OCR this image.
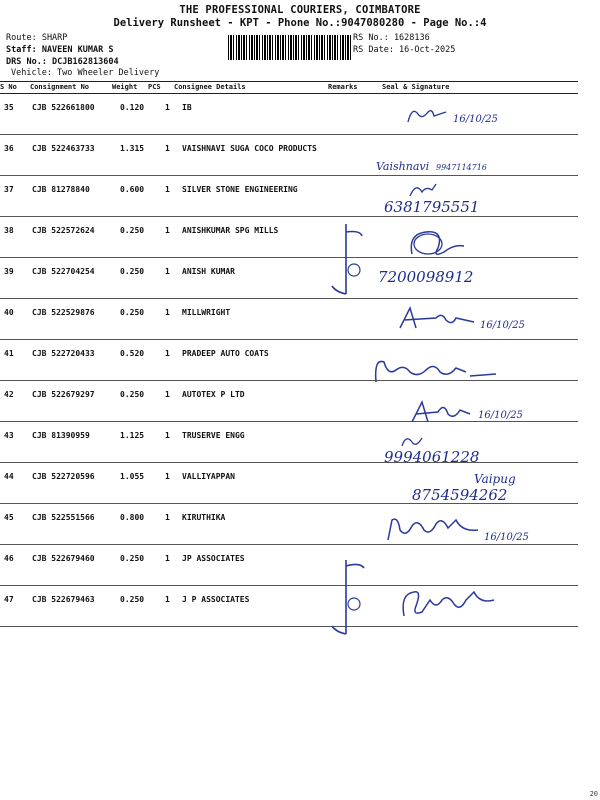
THE PROFESSIONAL COURIERS, COIMBATORE
Delivery Runsheet - KPT - Phone No.:9047080280 - Page No.:4
Route: SHARP
Staff: NAVEEN KUMAR S
DRS No.: DCJB162813604
Vehicle: Two Wheeler Delivery
RS No.: 1628136
RS Date: 16-Oct-2025
S No Consignment No	Weight PCS Consignee Details	Remarks	Seal & Signature
35 CJB 522661800	0.120	1 IB
36 CJB 522463733	1.315	1 VAISHNAVI SUGA COCO PRODUCTS
37 CJB 81278840	0.600	1 SILVER STONE ENGINEERING
38 CJB 522572624	0.250	1 ANISHKUMAR SPG MILLS
39 CJB 522704254	0.250	1 ANISH KUMAR
40 CJB 522529876	0.250	1 MILLWRIGHT
41 CJB 522720433	0.520	1 PRADEEP AUTO COATS
42 CJB 522679297	0.250	1 AUTOTEX P LTD
43 CJB 81390959	1.125	1 TRUSERVE ENGG
44 CJB 522720596	1.055	1 VALLIYAPPAN
45 CJB 522551566	0.800	1 KIRUTHIKA
46 CJB 522679460	0.250	1 JP ASSOCIATES
47 CJB 522679463	0.250	1 J P ASSOCIATES
16/10/25
Vaishnavi 9947114716
6381795551
7200098912
16/10/25
16/10/25
9994061228
Vaipug
8754594262
16/10/25
20
